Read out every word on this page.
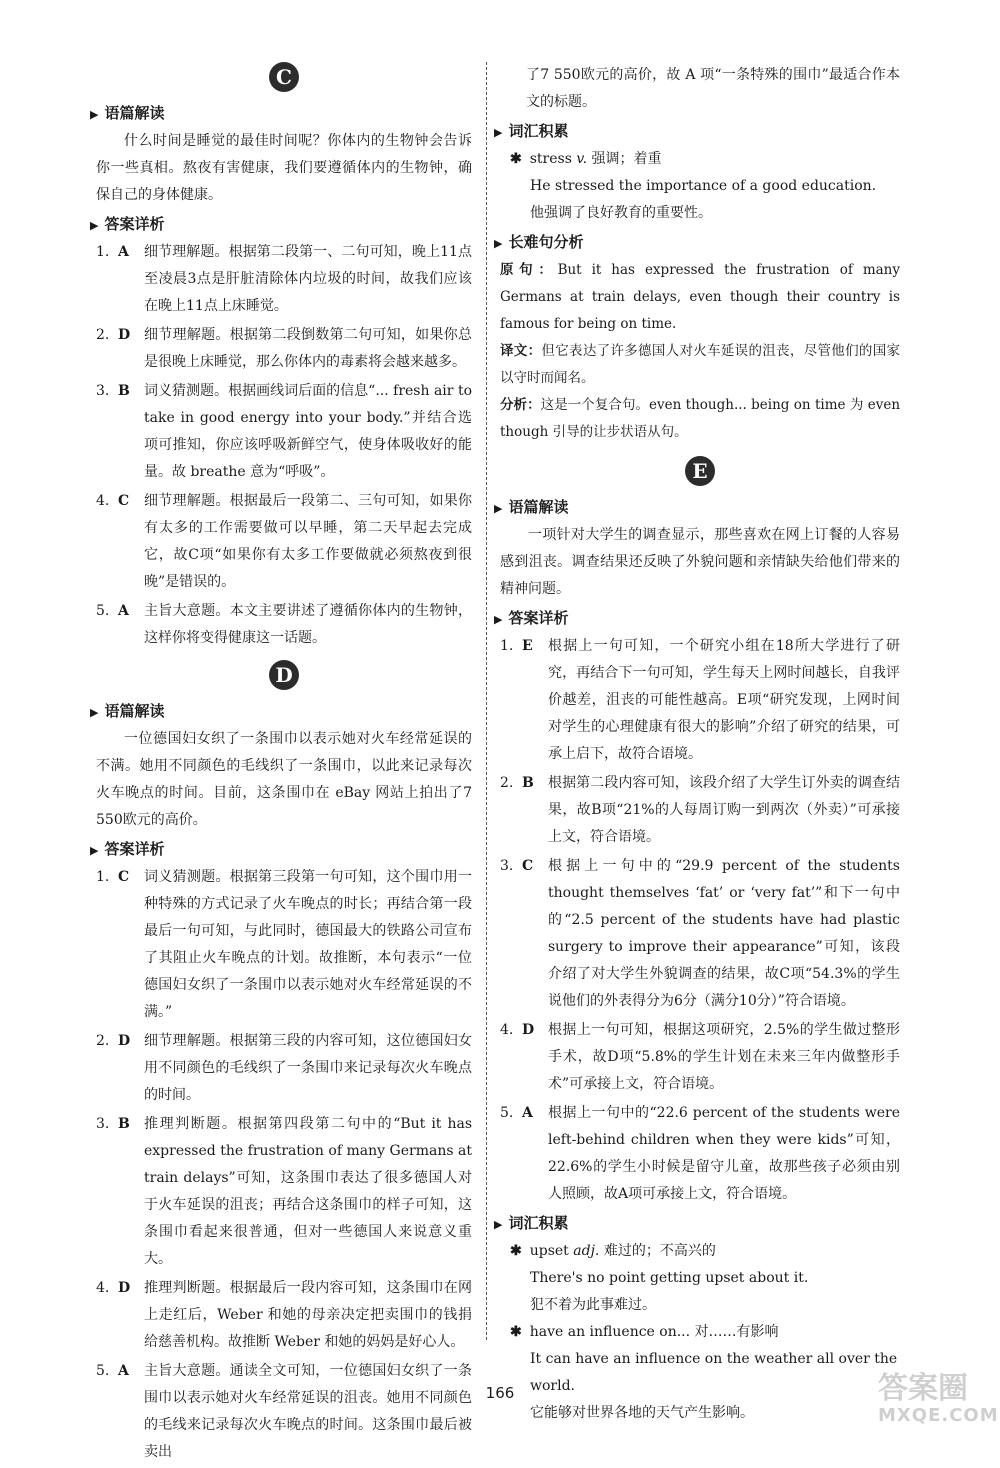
C
▶ 语篇解读

什么时间是睡觉的最佳时间呢？你体内的生物钟会告诉你一些真相。熬夜有害健康，我们要遵循体内的生物钟，确保自己的身体健康。

▶ 答案详析
1. A	细节理解题。根据第二段第一、二句可知，晚上11点至凌晨3点是肝脏清除体内垃圾的时间，故我们应该在晚上11点上床睡觉。
2. D 细节理解题。根据第二段倒数第二句可知，如果你总是很晚上床睡觉，那么你体内的毒素将会越来越多。
3. B	词义猜测题。根据画线词后面的信息“... fresh air to take in good energy into your body.”并结合选项可推知，你应该呼吸新鲜空气，使身体吸收好的能量。故 breathe 意为“呼吸”。
4. C	细节理解题。根据最后一段第二、三句可知，如果你有太多的工作需要做可以早睡，第二天早起去完成它，故C项“如果你有太多工作要做就必须熬夜到很晚”是错误的。
5. A	主旨大意题。本文主要讲述了遵循你体内的生物钟，这样你将变得健康这一话题。
D
▶ 语篇解读

一位德国妇女织了一条围巾以表示她对火车经常延误的不满。她用不同颜色的毛线织了一条围巾，以此来记录每次火车晚点的时间。目前，这条围巾在 eBay 网站上拍出了7 550欧元的高价。

▶ 答案详析
1. C	词义猜测题。根据第三段第一句可知，这个围巾用一种特殊的方式记录了火车晚点的时长；再结合第一段最后一句可知，与此同时，德国最大的铁路公司宣布了其阻止火车晚点的计划。故推断，本句表示“一位德国妇女织了一条围巾以表示她对火车经常延误的不满。”
2. D 细节理解题。根据第三段的内容可知，这位德国妇女用不同颜色的毛线织了一条围巾来记录每次火车晚点的时间。
3. B	推理判断题。根据第四段第二句中的“But it has expressed the frustration of many Germans at train delays”可知，这条围巾表达了很多德国人对于火车延误的沮丧；再结合这条围巾的样子可知，这条围巾看起来很普通，但对一些德国人来说意义重大。
4. D 推理判断题。根据最后一段内容可知，这条围巾在网上走红后，Weber 和她的母亲决定把卖围巾的钱捐给慈善机构。故推断 Weber 和她的妈妈是好心人。
5. A	主旨大意题。通读全文可知，一位德国妇女织了一条围巾以表示她对火车经常延误的沮丧。她用不同颜色的毛线来记录每次火车晚点的时间。这条围巾最后被卖出

了7 550欧元的高价，故 A 项“一条特殊的围巾”最适合作本文的标题。

▶ 词汇积累
✱ stress v. 强调；着重
He stressed the importance of a good education.
他强调了良好教育的重要性。
▶ 长难句分析

原句：But it has expressed the frustration of many Germans at train delays, even though their country is famous for being on time.

译文：但它表达了许多德国人对火车延误的沮丧，尽管他们的国家以守时而闻名。

分析：这是一个复合句。even though... being on time 为 even though 引导的让步状语从句。

E
▶ 语篇解读

一项针对大学生的调查显示，那些喜欢在网上订餐的人容易感到沮丧。调查结果还反映了外貌问题和亲情缺失给他们带来的精神问题。

▶ 答案详析
1. E	根据上一句可知，一个研究小组在18所大学进行了研究，再结合下一句可知，学生每天上网时间越长，自我评价越差，沮丧的可能性越高。E项“研究发现，上网时间对学生的心理健康有很大的影响”介绍了研究的结果，可承上启下，故符合语境。
2. B	根据第二段内容可知，该段介绍了大学生订外卖的调查结果，故B项“21%的人每周订购一到两次（外卖）”可承接上文，符合语境。
3. C	根据上一句中的“29.9 percent of the students thought themselves ‘fat’ or ‘very fat’”和下一句中的“2.5 percent of the students have had plastic surgery to improve their appearance”可知，该段介绍了对大学生外貌调查的结果，故C项“54.3%的学生说他们的外表得分为6分（满分10分）”符合语境。
4. D 根据上一句可知，根据这项研究，2.5%的学生做过整形手术，故D项“5.8%的学生计划在未来三年内做整形手术”可承接上文，符合语境。
5. A	根据上一句中的“22.6 percent of the students were left-behind children when they were kids”可知，22.6%的学生小时候是留守儿童，故那些孩子必须由别人照顾，故A项可承接上文，符合语境。
▶ 词汇积累
✱ upset adj. 难过的；不高兴的
There's no point getting upset about it.
犯不着为此事难过。
✱ have an influence on... 对……有影响
It can have an influence on the weather all over the world.
它能够对世界各地的天气产生影响。
166	答案圈
MXQE.COM
